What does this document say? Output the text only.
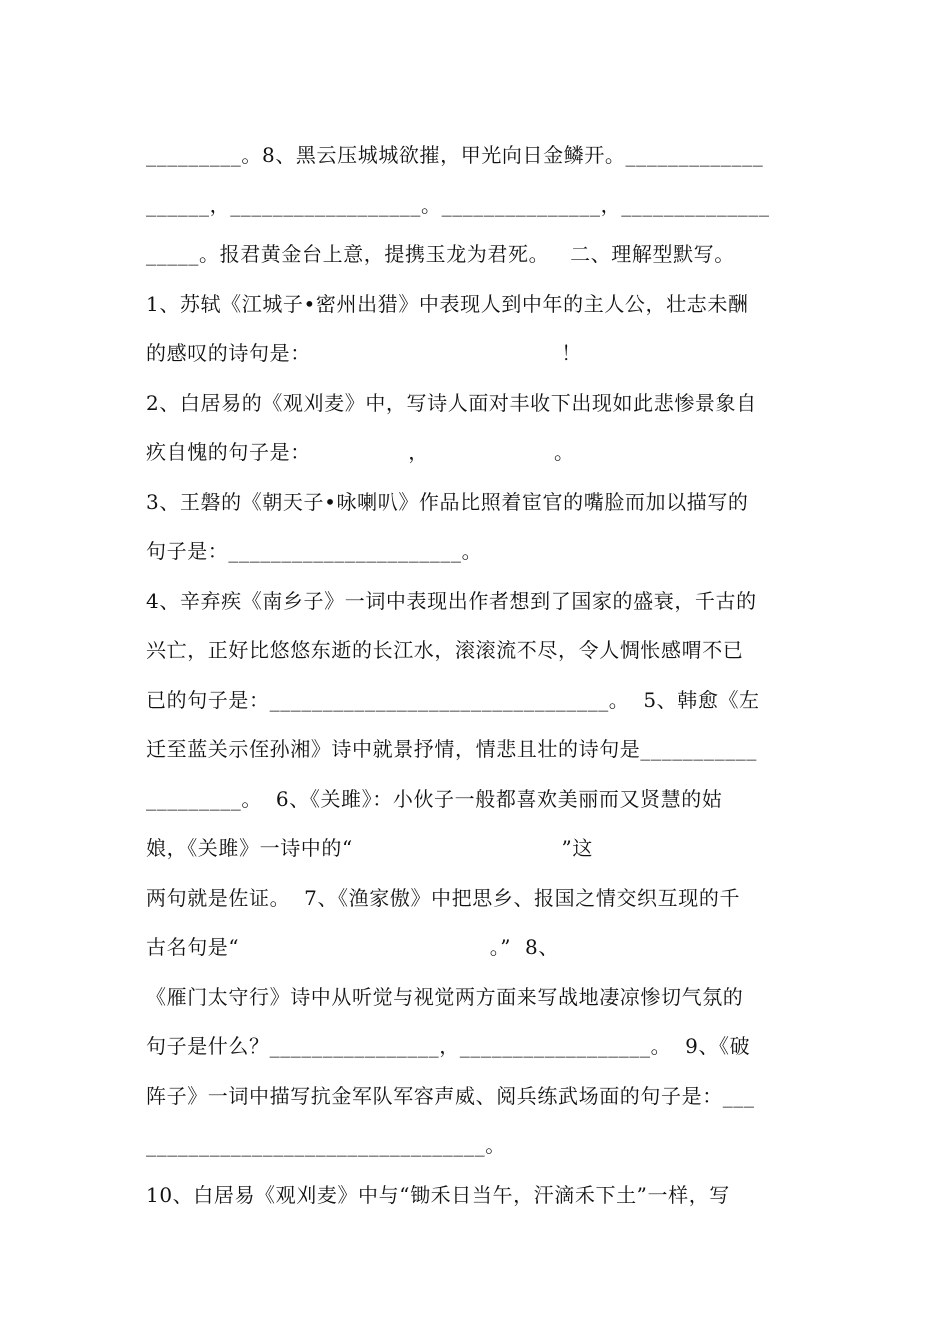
_________。8、黑云压城城欲摧，甲光向日金鳞开。_____________
______，__________________。_______________，______________
_____。报君黄金台上意，提携玉龙为君死。   二、理解型默写。
1、苏轼《江城子•密州出猎》中表现人到中年的主人公，壮志未酬
的感叹的诗句是：                                    ！
2、白居易的《观刈麦》中，写诗人面对丰收下出现如此悲惨景象自
疚自愧的句子是：              ，                  。
3、王磐的《朝天子•咏喇叭》作品比照着宦官的嘴脸而加以描写的
句子是：______________________。
4、辛弃疾《南乡子》一词中表现出作者想到了国家的盛衰，千古的
兴亡，正好比悠悠东逝的长江水，滚滚流不尽，令人惆怅感喟不已
已的句子是：________________________________。  5、韩愈《左
迁至蓝关示侄孙湘》诗中就景抒情，情悲且壮的诗句是___________
_________。  6、《关雎》：小伙子一般都喜欢美丽而又贤慧的姑
娘，《关雎》一诗中的“                              ”这
两句就是佐证。  7、《渔家傲》中把思乡、报国之情交织互现的千
古名句是“                                    。”  8、
《雁门太守行》诗中从听觉与视觉两方面来写战地凄凉惨切气氛的
句子是什么？________________，__________________。  9、《破
阵子》一词中描写抗金军队军容声威、阅兵练武场面的句子是：___
________________________________。
10、白居易《观刈麦》中与“锄禾日当午，汗滴禾下土”一样，写
